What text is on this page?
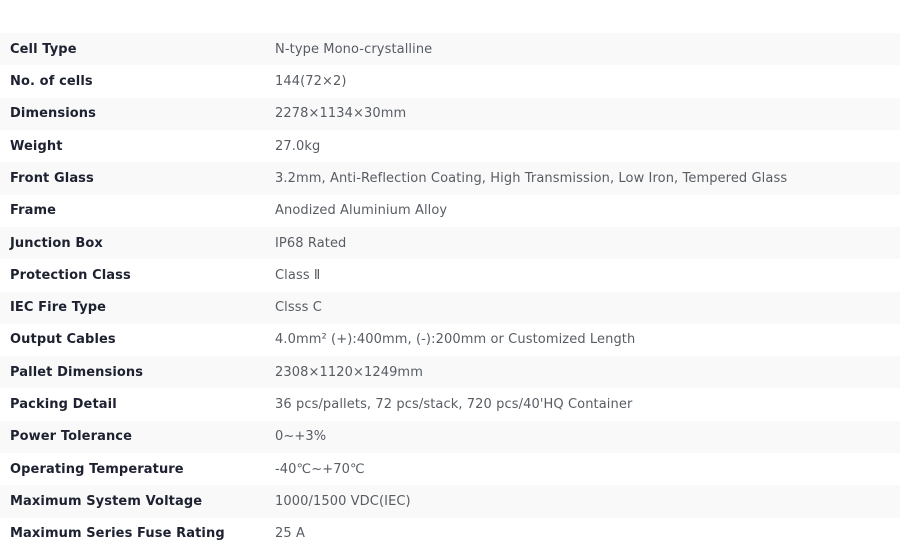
Item	Value
Cell Type	N-type Mono-crystalline
No. of cells	144(72×2)
Dimensions	2278×1134×30mm
Weight	27.0kg
Front Glass	3.2mm, Anti-Reflection Coating, High Transmission, Low Iron, Tempered Glass
Frame	Anodized Aluminium Alloy
Junction Box	IP68 Rated
Protection Class	Class Ⅱ
IEC Fire Type	Clsss C
Output Cables	4.0mm² (+):400mm, (-):200mm or Customized Length
Pallet Dimensions	2308×1120×1249mm
Packing Detail	36 pcs/pallets, 72 pcs/stack, 720 pcs/40'HQ Container
Power Tolerance	0~+3%
Operating Temperature	-40℃~+70℃
Maximum System Voltage	1000/1500 VDC(IEC)
Maximum Series Fuse Rating	25 A
